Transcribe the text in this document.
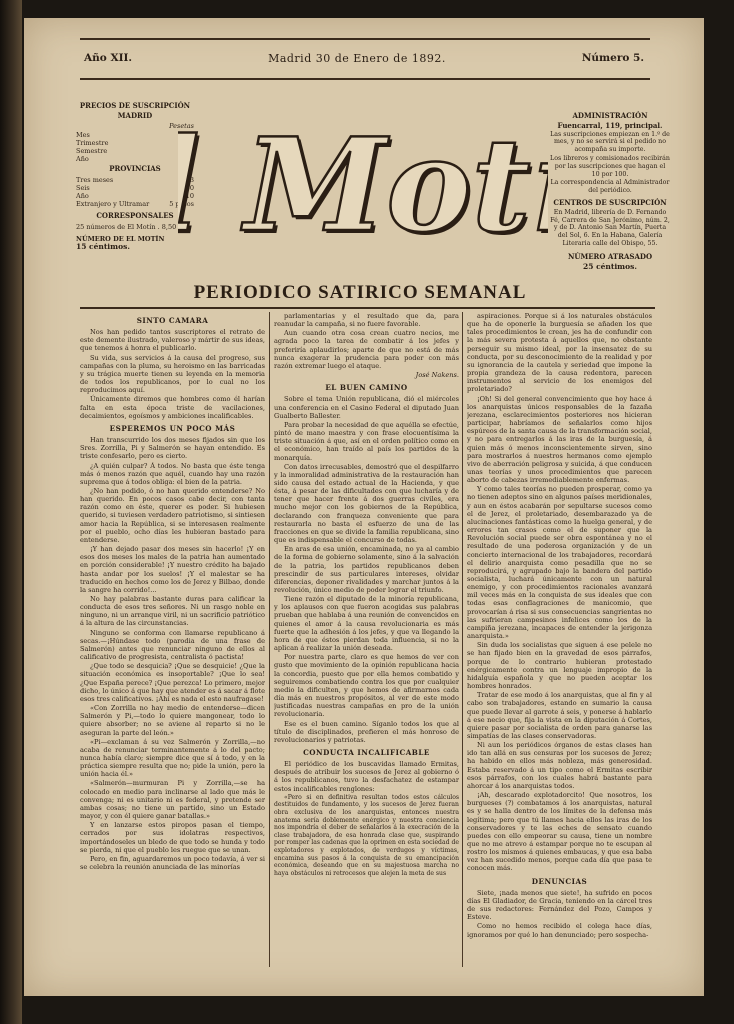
Año XII.	Madrid 30 de Enero de 1892.	Número 5.
PRECIOS DE SUSCRIPCIÓN
MADRID
Pesetas
Mes	1
Trimestre	2,50
Semestre	5
Año	10
PROVINCIAS
Tres meses	3
Seis	5,50
Año	10
Extranjero y Ultramar	5 pesos
CORRESPONSALES
25 números de El Motín . 8,50
NÚMERO DE EL MOTÍN
15 céntimos. Mot
Mot	ADMINISTRACIÓN
Fuencarral, 119, principal.

Las suscripciones empiezan en 1.º de mes, y no se servirá si el pedido no acompaña su importe.

Los libreros y comisionados recibirán por las suscripciones que hagan el 10 por 100.

La correspondencia al Administrador del periódico.

CENTROS DE SUSCRIPCIÓN

En Madrid, librería de D. Fernando Fé, Carrera de San Jerónimo, núm. 2, y de D. Antonio San Martín, Puerta del Sol, 6. En la Habana, Galería Literaria calle del Obispo, 55.

NÚMERO ATRASADO
25 céntimos.
PERIODICO SATIRICO SEMANAL
SINTO CAMARA

Nos han pedido tantos suscriptores el retrato de este demente ilustrado, valeroso y mártir de sus ideas, que tenemos á honra el publicarlo.

Su vida, sus servicios á la causa del progreso, sus campañas con la pluma, su heroismo en las barricadas y su trágica muerte tienen su leyenda en la memoria de todos los republicanos, por lo cual no los reproducimos aquí.

Únicamente diremos que hombres como él harían falta en esta época triste de vacilaciones, decaimientos, egoísmos y ambiciones incalificables.

ESPEREMOS UN POCO MÁS

Han transcurrido los dos meses fijados sin que los Sres. Zorrilla, Pi y Salmerón se hayan entendido. Es triste confesarlo, pero es cierto.

¿A quién culpar? Á todos. No basta que éste tenga más ó menos razón que aquél, cuando hay una razón suprema que á todos obliga: el bien de la patria.

¿No han podido, ó no han querido entenderse? No han querido. En pocos casos cabe decir, con tanta razón como en éste, querer es poder. Si hubiesen querido, si tuviesen verdadero patriotismo, si sintiesen amor hacia la República, si se interesasen realmente por el pueblo, ocho días les hubieran bastado para entenderse.

¡Y han dejado pasar dos meses sin hacerlo! ¡Y en esos dos meses los males de la patria han aumentado en porción considerable! ¡Y nuestro crédito ha bajado hasta andar por los suelos! ¡Y el malestar se ha traducido en hechos como los de Jerez y Bilbao, donde la sangre ha corrido!...

No hay palabras bastante duras para calificar la conducta de esos tres señores. Ni un rasgo noble en ninguno, ni un arranque viril, ni un sacrificio patriótico á la altura de las circunstancias.

Ninguno se conforma con llamarse republicano á secas.—¡Húndase todo (parodia de una frase de Salmerón) antes que renunciar ninguno de ellos al calificativo de progresista, centralista ó pactista!

¿Que todo se desquicia? ¡Que se desquicie! ¿Que la situación económica es insoportable? ¡Que lo sea! ¿Que España perece? ¡Que perezca! Lo primero, mejor dicho, lo único á que hay que atender es á sacar á flote esos tres calificativos. ¡Ahí es nada el esto naufragase!

«Con Zorrilla no hay medio de entenderse—dicen Salmerón y Pi,—todo lo quiere mangonear, todo lo quiere absorber; no se aviene al reparto si no le aseguran la parte del león.»

«Pi—exclaman á su vez Salmerón y Zorrilla,—no acaba de renunciar terminantemente á lo del pacto; nunca había claro; siempre dice que sí á todo, y en la práctica siempre resulta que no; pide la unión, pero la unión hacia él.»

«Salmerón—murmuran Pi y Zorrilla,—se ha colocado en medio para inclinarse al lado que más le convenga; ni es unitario ni es federal, y pretende ser ambas cosas; no tiene un partido, sino un Estado mayor, y con él quiere ganar batallas.»

Y en lanzarse estos piropos pasan el tiempo, cerrados por sus idolatras respectivos, importándoseles un bledo de que todo se hunda y todo se pierda, ni que el pueblo les ruegue que se unan.

Pero, en fin, aguardaremos un poco todavía, á ver si se celebra la reunión anunciada de las minorías

parlamentarias y el resultado que da, para reanudar la campaña, si no fuere favorable.

Aun cuando otra cosa crean cuatro necios, me agrada poco la tarea de combatir á los jefes y preferiría aplaudirlos; aparte de que no está de más nunca exagerar la prudencia para poder con más razón extremar luego el ataque.

José Nakens.

EL BUEN CAMINO

Sobre el tema Unión republicana, dió el miércoles una conferencia en el Casino Federal el diputado Juan Gualberto Ballester.

Para probar la necesidad de que aquélla se efectúe, pintó de mano maestra y con frase elocuentísima la triste situación á que, así en el orden político como en el económico, han traído al país los partidos de la monarquía.

Con datos irrecusables, demostró que el despilfarro y la inmoralidad administrativa de la restauración han sido causa del estado actual de la Hacienda, y que ésta, á pesar de las dificultades con que lucharía y de tener que hacer frente á dos guerras civiles, era mucho mejor con los gobiernos de la República, declarando con franqueza conveniente que para restaurarla no basta el esfuerzo de una de las fracciones en que se divide la familia republicana, sino que es indispensable el concurso de todas.

En aras de esa unión, encaminada, no ya al cambio de la forma de gobierno solamente, sino á la salvación de la patria, los partidos republicanos deben prescindir de sus particulares intereses, olvidar diferencias, deponer rivalidades y marchar juntos á la revolución, único medio de poder lograr el triunfo.

Tiene razón el diputado de la minoría republicana, y los aplausos con que fueron acogidas sus palabras prueban que hablaba á una reunión de convencidos en quienes el amor á la causa revolucionaria es más fuerte que la adhesión á los jefes, y que va llegando la hora de que éstos pierdan toda influencia, si no la aplican á realizar la unión deseada.

Por nuestra parte, claro es que hemos de ver con gusto que movimiento de la opinión republicana hacia la concordia, puesto que por ella hemos combatido y seguiremos combatiendo contra los que por cualquier medio la dificulten, y que hemos de afirmarnos cada día más en nuestros propósitos, al ver de este modo justificadas nuestras campañas en pro de la unión revolucionaria.

Ese es el buen camino. Síganlo todos los que al título de disciplinados, prefieren el más honroso de revolucionarios y patriotas.

CONDUCTA INCALIFICABLE

El periódico de los buscavidas llamado Ermitas, después de atribuir los sucesos de Jerez al gobierno ó á los republicanos, tuvo la desfachatez de estampar estos incalificables renglones:

«Pero si en definitiva resultan todos estos cálculos destituidos de fundamento, y los sucesos de Jerez fueran obra exclusiva de los anarquistas, entonces nuestra anatema sería doblemente enérgico y nuestra conciencia nos impondría el deber de señalarlos á la execración de la clase trabajadora, de esa honrada clase que, suspirando por romper las cadenas que la oprimen en esta sociedad de explotadores y explotados, de verdugos y víctimas, encamina sus pasos á la conquista de su emancipación económica, deseando que en su majestuosa marcha no haya obstáculos ni retrocesos que alejen la meta de sus

aspiraciones. Porque si á los naturales obstáculos que ha de oponerle la burguesía se añaden los que tales procedimientos le crean, jes ha de confundir con la más severa protesta á aquellos que, no obstante perseguir su mismo ideal, por la insensatez de su conducta, por su desconocimiento de la realidad y por su ignorancia de la cautela y seriedad que impone la propia grandeza de la causa redentora, parecen instrumentos al servicio de los enemigos del proletariado?

¡Oh! Si del general convencimiento que hoy hace á los anarquistas únicos responsables de la fazaña jerezana, esclarecimientos posteriores nos hicieran participar, habríamos de señalarlos como hijos espúreos de la santa causa de la transformación social, y no para entregarlos á las iras de la burguesía, á quien más ó menos inconscientemente sirven, sino para mostrarlos á nuestros hermanos como ejemplo vivo de aberración peligrosa y suicida, á que conducen unas teorías y unos procedimientos que parecen aborto de cabezas irremediablemente enfermas.

Y como tales teorías no pueden prosperar, como ya no tienen adeptos sino en algunos países meridionales, y aun en éstos acabarán por sepultarse sucesos como el de Jerez, el proletariado, desembarazado ya de alucinaciones fantásticas como la huelga general, y de errores tan crasos como el de suponer que la Revolución social puede ser obra espontánea y no el resultado de una poderosa organización y de un concierto internacional de los trabajadores, recordará el delirio anarquista como pesadilla que no se reproducirá, y agrupado bajo la bandera del partido socialista, luchará únicamente con un natural enemigo, y con procedimientos racionales avanzará mil veces más en la conquista de sus ideales que con todas esas conflagraciones de manicomio, que provocarían á risa si sus consecuencias sangrientas no las sufrieran campesinos infelices como los de la campiña jerezana, incapaces de entender la jerigonza anarquista.»

Sin duda los socialistas que siguen á ese pelele no se han fijado bien en la gravedad de esos párrafos, porque de lo contrario hubieran protestado enérgicamente contra un lenguaje impropio de la hidalguía española y que no pueden aceptar los hombres honrados.

Tratar de ese modo á los anarquistas, que al fin y al cabo son trabajadores, estando en sumario la causa que puede llevar al garrote á seis, y ponerse á hablarlo á ese necio que, fija la vista en la diputación á Cortes, quiere pasar por socialista de orden para ganarse las simpatías de las clases conservadoras.

Ni aun los periódicos órganos de estas clases han ido tan allá en sus censuras por los sucesos de Jerez; ha habido en ellos más nobleza, más generosidad. Estaba reservado á un tipo como el Ermitas escribir esos párrafos, con los cuales habrá bastante para ahorcar á los anarquistas todos.

¡Ah, descarado explotadorcito! Que nosotros, los burgueses (?) combatamos á los anarquistas, natural es y se halla dentro de los límites de la defensa más legítima; pero que tú llames hacia ellos las iras de los conservadores y te las eches de sensato cuando puedes con ello empeorar su causa, tiene un nombre que no me atrevo á estampar porque no te escupan al rostro los mismos á quienes embaucas, y que esa baba vez han sucedido menos, porque cada día que pasa te conocen más.

DENUNCIAS

Siete, ¡nada menos que siete!, ha sufrido en pocos días El Gladiador, de Gracia, teniendo en la cárcel tres de sus redactores: Fernández del Pozo, Campos y Esteve.

Como no hemos recibido el colega hace días, ignoramos por qué lo han denunciado; pero sospecha-
